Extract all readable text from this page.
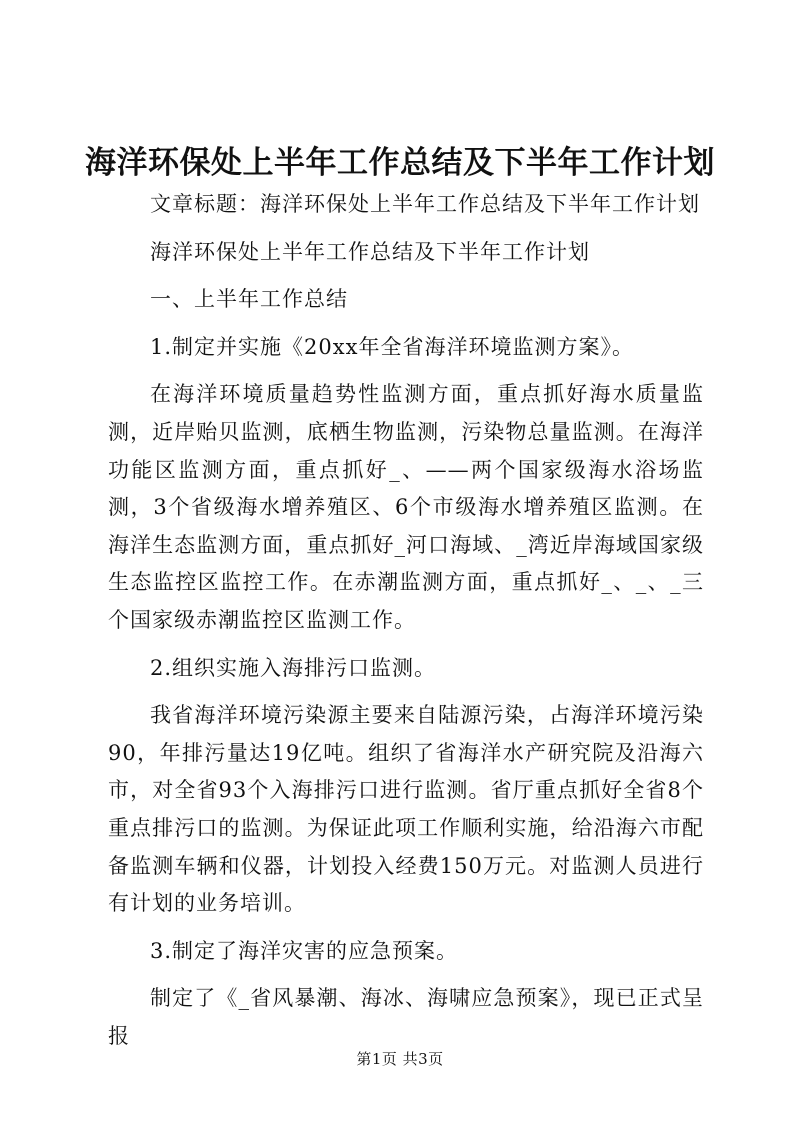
海洋环保处上半年工作总结及下半年工作计划

文章标题：海洋环保处上半年工作总结及下半年工作计划

海洋环保处上半年工作总结及下半年工作计划

一、上半年工作总结

1.制定并实施《20xx年全省海洋环境监测方案》。

在海洋环境质量趋势性监测方面，重点抓好海水质量监测，近岸贻贝监测，底栖生物监测，污染物总量监测。在海洋功能区监测方面，重点抓好_、——两个国家级海水浴场监测，3个省级海水增养殖区、6个市级海水增养殖区监测。在海洋生态监测方面，重点抓好_河口海域、_湾近岸海域国家级生态监控区监控工作。在赤潮监测方面，重点抓好_、_、_三个国家级赤潮监控区监测工作。

2.组织实施入海排污口监测。

我省海洋环境污染源主要来自陆源污染，占海洋环境污染90，年排污量达19亿吨。组织了省海洋水产研究院及沿海六市，对全省93个入海排污口进行监测。省厅重点抓好全省8个重点排污口的监测。为保证此项工作顺利实施，给沿海六市配备监测车辆和仪器，计划投入经费150万元。对监测人员进行有计划的业务培训。

3.制定了海洋灾害的应急预案。

制定了《_省风暴潮、海冰、海啸应急预案》，现已正式呈报

第1页 共3页
